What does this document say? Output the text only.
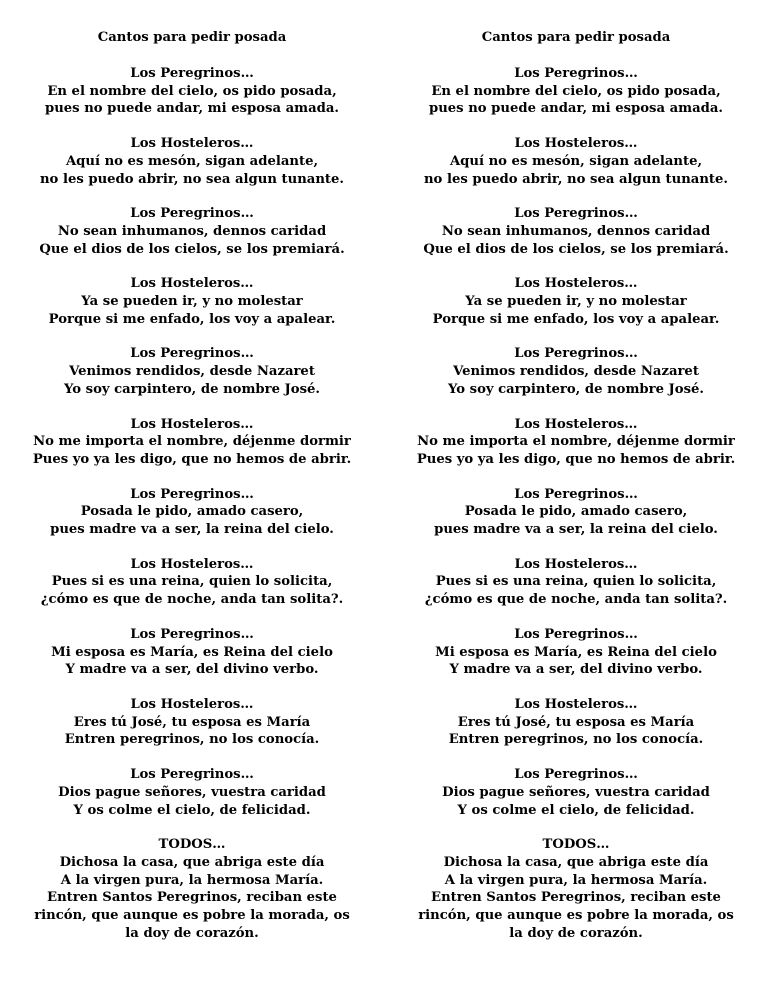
Cantos para pedir posada
Los Peregrinos…
En el nombre del cielo, os pido posada,
pues no puede andar, mi esposa amada.
Los Hosteleros…
Aquí no es mesón, sigan adelante,
no les puedo abrir, no sea algun tunante.
Los Peregrinos…
No sean inhumanos, dennos caridad
Que el dios de los cielos, se los premiará.
Los Hosteleros…
Ya se pueden ir, y no molestar
Porque si me enfado, los voy a apalear.
Los Peregrinos…
Venimos rendidos, desde Nazaret
Yo soy carpintero, de nombre José.
Los Hosteleros…
No me importa el nombre, déjenme dormir
Pues yo ya les digo, que no hemos de abrir.
Los Peregrinos…
Posada le pido, amado casero,
pues madre va a ser, la reina del cielo.
Los Hosteleros…
Pues si es una reina, quien lo solicita,
¿cómo es que de noche, anda tan solita?.
Los Peregrinos…
Mi esposa es María, es Reina del cielo
Y madre va a ser, del divino verbo.
Los Hosteleros…
Eres tú José, tu esposa es María
Entren peregrinos, no los conocía.
Los Peregrinos…
Dios pague señores, vuestra caridad
Y os colme el cielo, de felicidad.
TODOS…
Dichosa la casa, que abriga este día
A la virgen pura, la hermosa María.
Entren Santos Peregrinos, reciban este rincón, que aunque es pobre la morada, os la doy de corazón.
Cantos para pedir posada
Los Peregrinos…
En el nombre del cielo, os pido posada,
pues no puede andar, mi esposa amada.
Los Hosteleros…
Aquí no es mesón, sigan adelante,
no les puedo abrir, no sea algun tunante.
Los Peregrinos…
No sean inhumanos, dennos caridad
Que el dios de los cielos, se los premiará.
Los Hosteleros…
Ya se pueden ir, y no molestar
Porque si me enfado, los voy a apalear.
Los Peregrinos…
Venimos rendidos, desde Nazaret
Yo soy carpintero, de nombre José.
Los Hosteleros…
No me importa el nombre, déjenme dormir
Pues yo ya les digo, que no hemos de abrir.
Los Peregrinos…
Posada le pido, amado casero,
pues madre va a ser, la reina del cielo.
Los Hosteleros…
Pues si es una reina, quien lo solicita,
¿cómo es que de noche, anda tan solita?.
Los Peregrinos…
Mi esposa es María, es Reina del cielo
Y madre va a ser, del divino verbo.
Los Hosteleros…
Eres tú José, tu esposa es María
Entren peregrinos, no los conocía.
Los Peregrinos…
Dios pague señores, vuestra caridad
Y os colme el cielo, de felicidad.
TODOS…
Dichosa la casa, que abriga este día
A la virgen pura, la hermosa María.
Entren Santos Peregrinos, reciban este rincón, que aunque es pobre la morada, os la doy de corazón.
